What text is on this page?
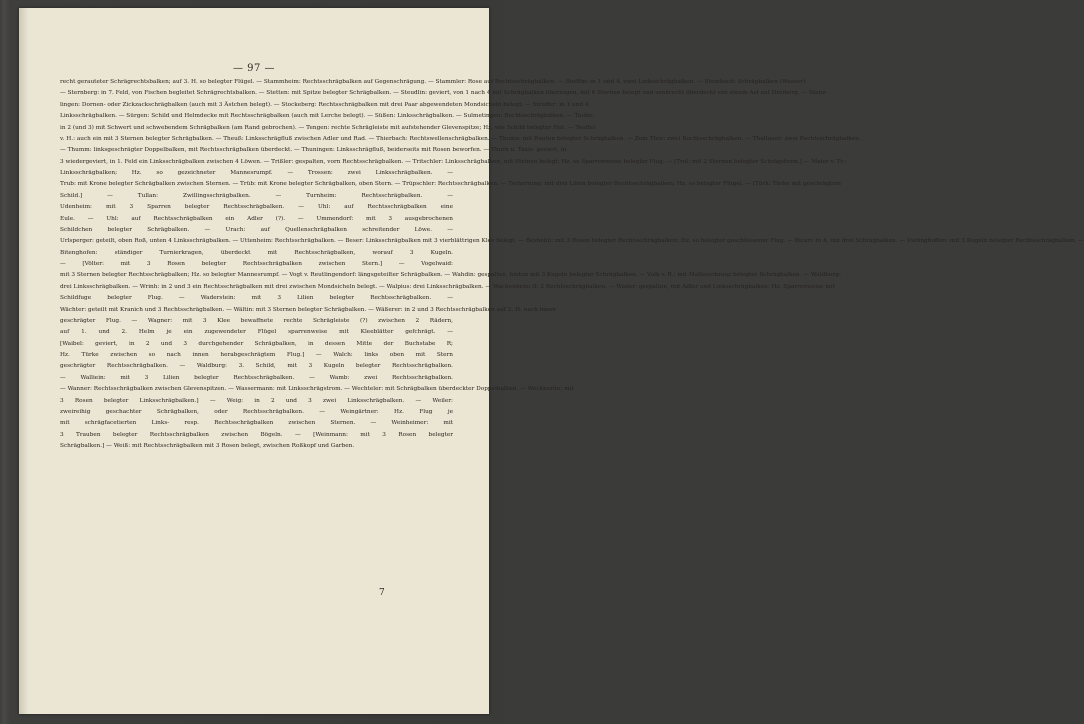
— 97 —
recht gerauteter Schrägrechtsbalken; auf 3. H. so belegter Flügel. — Stammheim: Rechtsschrägbalken auf Gegenschrägung. — Stammler: Rose auf Rechtsschrägbalken. — Stefflin: in 1 und 4, zwei Linksschrägbalken. — Steinbach: Schrägbalken (Wasser).
— Sternberg: in 7. Feld, von Fischen begleitet Schrägrechtsbalken. — Stetten: mit Spitze belegter Schrägbalken. — Steudlin: geviert, von 1 nach 4 mit Schrägbalken überzogen, mit 6 Sternen belegt und senkrecht überdeckt von einem Ast auf Dreiberg. — Stenz-
lingen: Dornen- oder Zickzackschrägbalken (auch mit 3 Ästchen belegt). — Stockeberg: Rechtsschrägbalken mit drei Paar abgewendeten Mondsicheln belegt. — Straffer: in 1 und 4
Linksschrägbalken. — Sürgen: Schild und Helmdecke mit Rechtsschrägbalken (auch mit Lerche belegt). — Süßen: Linksschrägbalken. — Sulmetingen: Rechtsschrägbalken. — Taube:
in 2 (und 3) mit Schwert und schwebendem Schrägbalken (am Rand gebrochen). — Tengen: rechte Schrägleiste mit aufstehender Glevenspitze; Hz. wie Schild belegter Hut. — Teuffel
v. H.: auch ein mit 3 Sternen belegter Schrägbalken. — Theuß: Linksschrägfluß zwischen Adler und Rad. — Thierbach: Rechtswellenschrägbalken. — Thoma: mit Rauten belegter Schrägbalken. — Zum Thor: zwei Rechtsschrägbalken. — Thullauer: zwei Rechtsschrägbalken.
— Thumm: linksgeschrägter Doppelbalken, mit Rechtsschrägbalken überdeckt. — Thuningen: Linksschrägfluß, beiderseits mit Rosen beworfen. — Thurn u. Taxis: geviert, in
3 wiedergeviert, in 1. Feld ein Linksschrägbalken zwischen 4 Löwen. — Trißler: gespalten, vorn Rechtsschrägbalken. — Tritschler: Linksschrägbalken, mit Steinen belegt; Hz. so Sparrenweise belegter Flug. — [Trol: mit 2 Sternen belegter Schrägstrom.] — Maier v. Tr.:
Linksschrägbalken; Hz. so gezeichneter Mannesrumpf. — Trossen: zwei Linksschrägbalken. —
Trub: mit Krone belegter Schrägbalken zwischen Sternen. — Trüb: mit Krone belegter Schrägbalken, oben Stern. — Trüpschler: Rechtsschrägbalken. — Tscherning: mit drei Lilien belegter Rechtsschrägbalken; Hz. so belegter Flügel. — [Türk: Türke mit geschrägtem
Schild.] — Tullan: Zwillingsschrägbalken. — Turnheim: Rechtsschrägbalken. —
Udenheim: mit 3 Sparren belegter Rechtsschrägbalken. — Uhl: auf Rechtsschrägbalken eine
Eule. — Uhl: auf Rechtsschrägbalken ein Adler (?). — Ummendorf: mit 3 ausgebrochenen
Schildchen belegter Schrägbalken. — Urach: auf Quellenschrägbalken schreitender Löwe. —
Urlsperger: geteilt, oben Roß, unten 4 Linksschrägbalken. — Uttenheim: Rechtsschrägbalken. — Beser: Linksschrägbalken mit 3 vierblättrigen Klee belegt. — Beyhelin: mit 3 Rosen belegter Rechtsschrägbalken; Hz. so belegter geschlossener Flug. — Bicari: in 4, mit drei Schrägbalken. — Vietinghoffen: mit 3 Kugeln belegter Rechtsschrägbalken. —
Bitenghofen: ständiger Turnierkragen, überdeckt mit Rechtsschrägbalken, worauf 3 Kugeln.
— [Völter: mit 3 Rosen belegter Rechtsschrägbalken zwischen Stern.] — Vogelwaid:
mit 3 Sternen belegter Rechtsschrägbalken; Hz. so belegter Mannesrumpf. — Vogt v. Reutlingendorf: längsgeteilter Schrägbalken. — Wahdin: gespalten, hinten mit 3 Kugeln belegter Schrägbalken. — Volk v. R.: mit Malteserkreuz belegter Schrägbalken. — Waldburg:
drei Linksschrägbalken. — Wrinh: in 2 und 3 ein Rechtsschrägbalken mit drei zwischen Mondsicheln belegt. — Walpius: drei Linksschrägbalken. — Wachenheim II: 2 Rechtsschrägbalken. — Wader: gespalten, mit Adler und Linksschrägbalken; Hz. Sparrenweise mit
Schildfuge belegter Flug. — Waderstein: mit 3 Lilien belegter Rechtsschrägbalken. —
Wächter: geteilt mit Kranich und 3 Rechtsschrägbalken. — Wältin: mit 3 Sternen belegter Schrägbalken. — Wäßerer: in 2 und 3 Rechtsschrägbalken auf 2. H. nach innen
geschrägter Flug. — Wagner: mit 3 Klee bewaffnete rechte Schrägleiste (?) zwischen 2 Rädern,
auf 1. und 2. Helm je ein zugewendeter Flügel sparrenweise mit Kleeblätter gefchrägt. —
[Waibel: geviert, in 2 und 3 durchgehender Schrägbalken, in dessen Mitte der Buchstabe R;
Hz. Türke zwischen so nach innen herabgeschrägtem Flug.] — Walch: links oben mit Stern
geschrägter Rechtsschrägbalken. — Waldburg: 3. Schild, mit 3 Kugeln belegter Rechtsschrägbalken.
— Walliein: mit 3 Lilien belegter Rechtsschrägbalken. — Wamb: zwei Rechtsschrägbalken.
— Wanner: Rechtsschrägbalken zwischen Glevenspitzen. — Wassermann: mit Linksschrägstrom. — Wechteler: mit Schrägbalken überdeckter Doppelbalken. — Weckherlin: mit
3 Rosen belegter Linksschrägbalken.] — Weig: in 2 und 3 zwei Linksschrägbalken. — Weiler:
zweireihig geschachter Schrägbalken, oder Rechtsschrägbalken. — Weingärtner: Hz. Flug je
mit schrägfacetierten Links- resp. Rechtsschrägbalken zwischen Sternen. — Weinheimer: mit
3 Trauben belegter Rechtsschrägbalken zwischen Bögeln. — [Weinmann: mit 3 Rosen belegter
Schrägbalken.] — Weiß: mit Rechtsschrägbalken mit 3 Rosen belegt, zwischen Roßkopf und Garben.
7
